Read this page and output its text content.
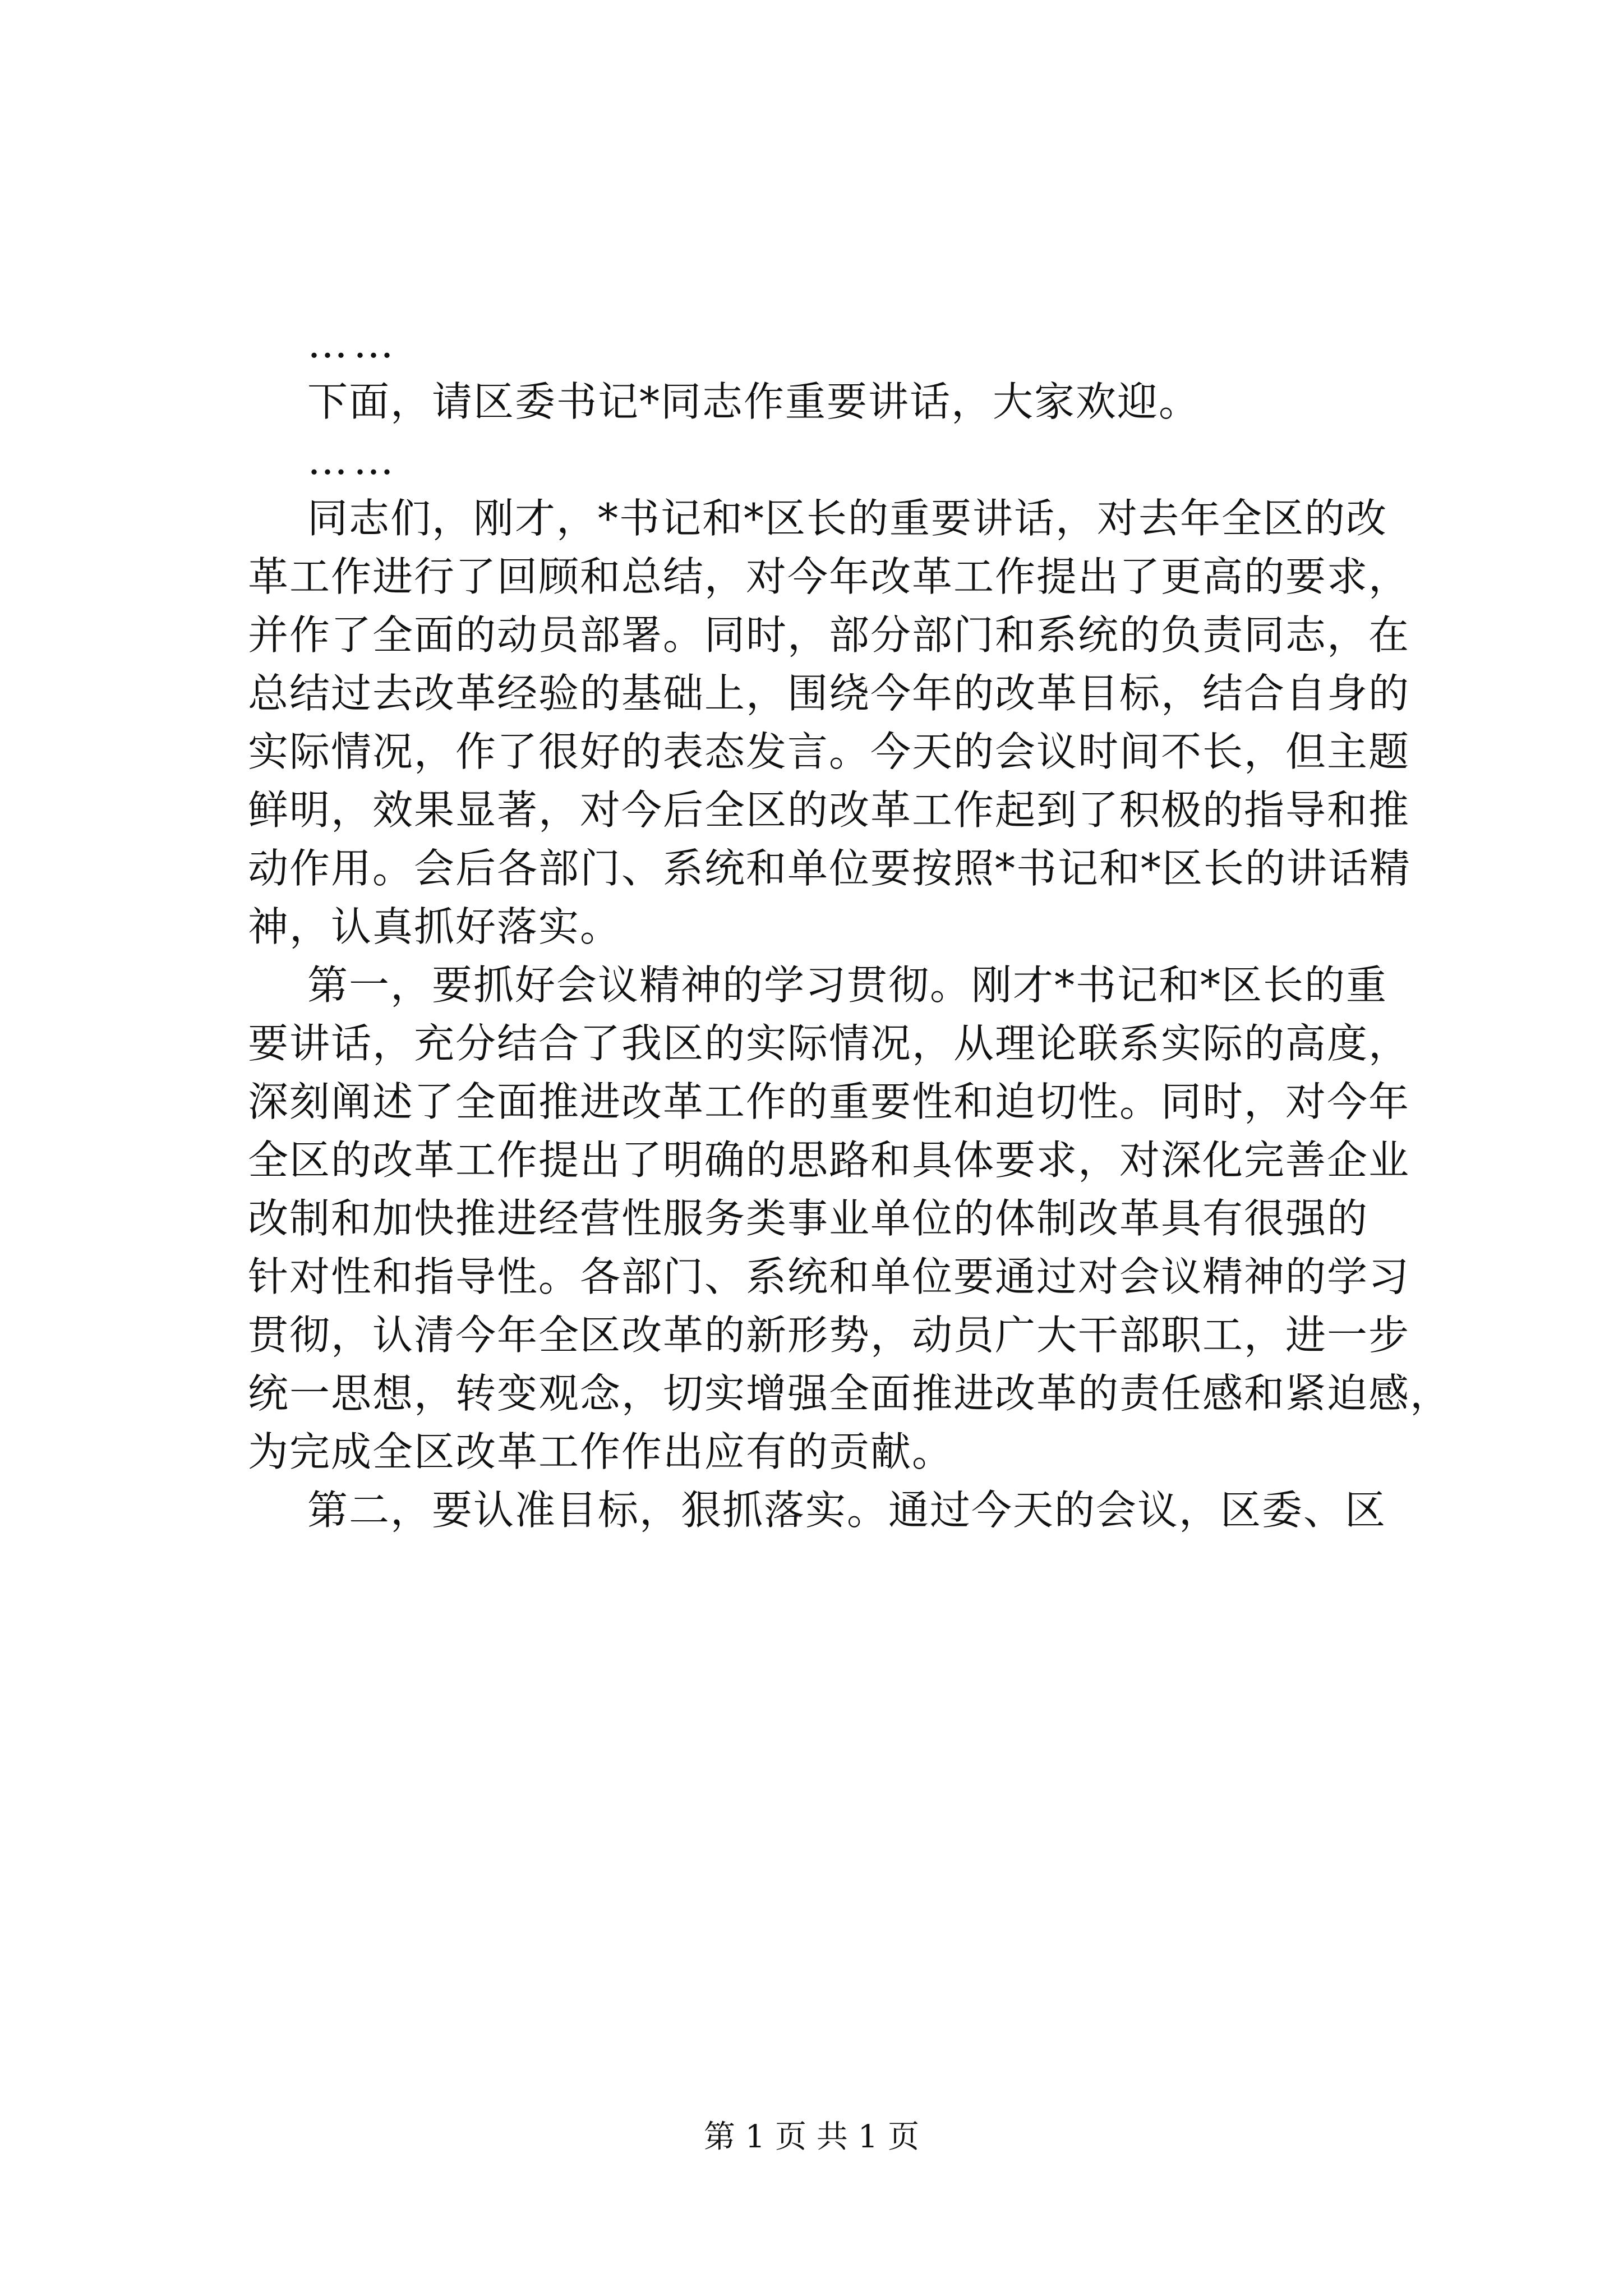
……
下面，请区委书记*同志作重要讲话，大家欢迎。
……
同志们，刚才，*书记和*区长的重要讲话，对去年全区的改
革工作进行了回顾和总结，对今年改革工作提出了更高的要求，
并作了全面的动员部署。同时，部分部门和系统的负责同志，在
总结过去改革经验的基础上，围绕今年的改革目标，结合自身的
实际情况，作了很好的表态发言。今天的会议时间不长，但主题
鲜明，效果显著，对今后全区的改革工作起到了积极的指导和推
动作用。会后各部门、系统和单位要按照*书记和*区长的讲话精
神，认真抓好落实。
第一，要抓好会议精神的学习贯彻。刚才*书记和*区长的重
要讲话，充分结合了我区的实际情况，从理论联系实际的高度，
深刻阐述了全面推进改革工作的重要性和迫切性。同时，对今年
全区的改革工作提出了明确的思路和具体要求，对深化完善企业
改制和加快推进经营性服务类事业单位的体制改革具有很强的
针对性和指导性。各部门、系统和单位要通过对会议精神的学习
贯彻，认清今年全区改革的新形势，动员广大干部职工，进一步
统一思想，转变观念，切实增强全面推进改革的责任感和紧迫感，
为完成全区改革工作作出应有的贡献。
第二，要认准目标，狠抓落实。通过今天的会议，区委、区
第 1 页 共 1 页
